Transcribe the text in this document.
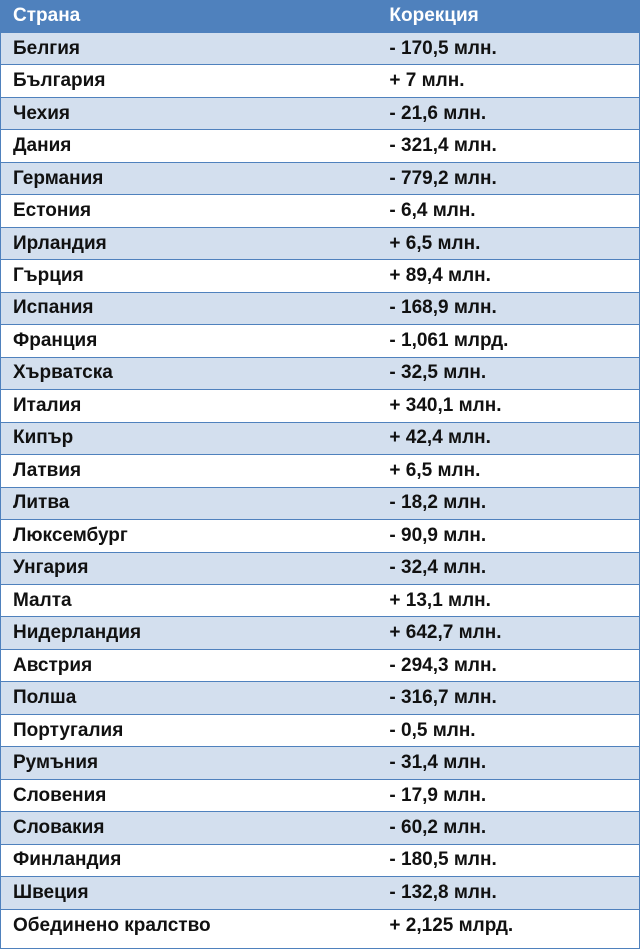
Страна	Корекция
Белгия	- 170,5 млн.
България	+ 7 млн.
Чехия	- 21,6 млн.
Дания	- 321,4 млн.
Германия	- 779,2 млн.
Естония	- 6,4 млн.
Ирландия	+ 6,5 млн.
Гърция	+ 89,4 млн.
Испания	- 168,9 млн.
Франция	- 1,061 млрд.
Хърватска	- 32,5 млн.
Италия	+ 340,1 млн.
Кипър	+ 42,4 млн.
Латвия	+ 6,5 млн.
Литва	- 18,2 млн.
Люксембург	- 90,9 млн.
Унгария	- 32,4 млн.
Малта	+ 13,1 млн.
Нидерландия	+ 642,7 млн.
Австрия	- 294,3 млн.
Полша	- 316,7 млн.
Португалия	- 0,5 млн.
Румъния	- 31,4 млн.
Словения	- 17,9 млн.
Словакия	- 60,2 млн.
Финландия	- 180,5 млн.
Швеция	- 132,8 млн.
Обединено кралство	+ 2,125 млрд.
